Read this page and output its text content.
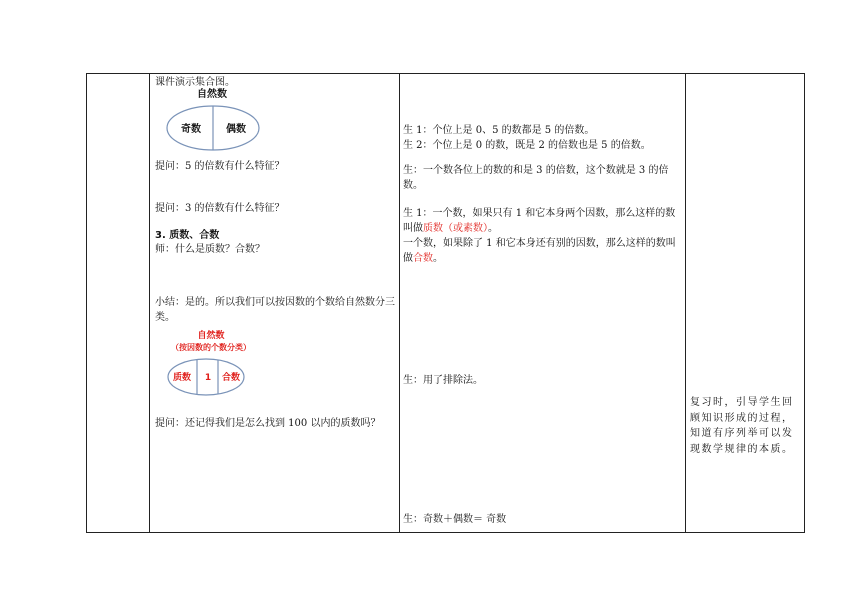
课件演示集合图。
自然数
奇数	偶数
提问：5 的倍数有什么特征？
提问：3 的倍数有什么特征？
3. 质数、合数
师：什么是质数？合数？
小结：是的。所以我们可以按因数的个数给自然数分三类。
自然数
（按因数的个数分类）
质数 1 合数
提问：还记得我们是怎么找到 100 以内的质数吗？
生 1：个位上是 0、5 的数都是 5 的倍数。
生 2：个位上是 0 的数，既是 2 的倍数也是 5 的倍数。
生：一个数各位上的数的和是 3 的倍数，这个数就是 3 的倍数。
生 1：一个数，如果只有 1 和它本身两个因数，那么这样的数叫做质数（或素数）。
一个数，如果除了 1 和它本身还有别的因数，那么这样的数叫做合数。
生：用了排除法。
生：奇数＋偶数＝ 奇数
复习时，引导学生回顾知识形成的过程，知道有序列举可以发现数学规律的本质。
